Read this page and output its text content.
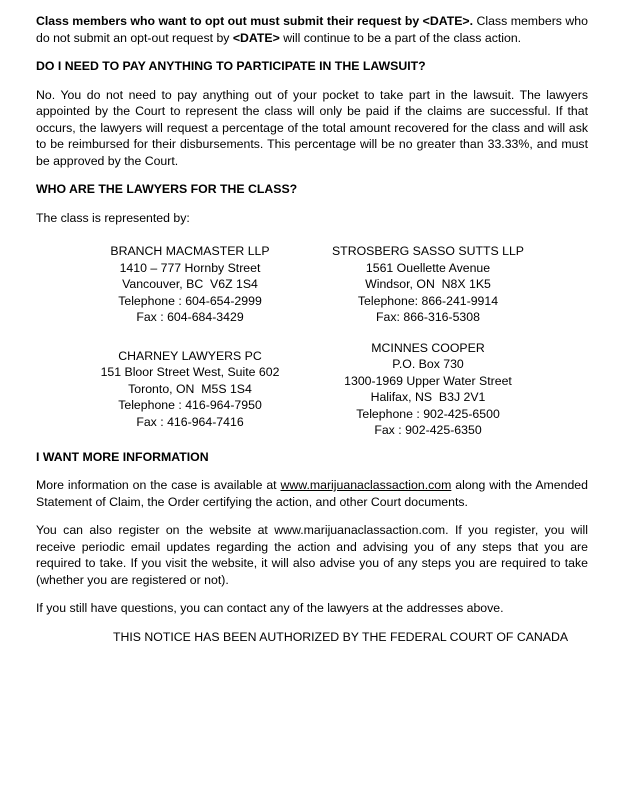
Class members who want to opt out must submit their request by <DATE>. Class members who do not submit an opt-out request by <DATE> will continue to be a part of the class action.

DO I NEED TO PAY ANYTHING TO PARTICIPATE IN THE LAWSUIT?

No. You do not need to pay anything out of your pocket to take part in the lawsuit. The lawyers appointed by the Court to represent the class will only be paid if the claims are successful. If that occurs, the lawyers will request a percentage of the total amount recovered for the class and will ask to be reimbursed for their disbursements. This percentage will be no greater than 33.33%, and must be approved by the Court.

WHO ARE THE LAWYERS FOR THE CLASS?

The class is represented by:

BRANCH MACMASTER LLP
1410 – 777 Hornby Street
Vancouver, BC  V6Z 1S4
Telephone : 604-654-2999
Fax : 604-684-3429
STROSBERG SASSO SUTTS LLP
1561 Ouellette Avenue
Windsor, ON  N8X 1K5
Telephone: 866-241-9914
Fax: 866-316-5308
CHARNEY LAWYERS PC
151 Bloor Street West, Suite 602
Toronto, ON  M5S 1S4
Telephone : 416-964-7950
Fax : 416-964-7416
MCINNES COOPER
P.O. Box 730
1300-1969 Upper Water Street
Halifax, NS  B3J 2V1
Telephone : 902-425-6500
Fax : 902-425-6350

I WANT MORE INFORMATION

More information on the case is available at www.marijuanaclassaction.com along with the Amended Statement of Claim, the Order certifying the action, and other Court documents.

You can also register on the website at www.marijuanaclassaction.com. If you register, you will receive periodic email updates regarding the action and advising you of any steps that you are required to take. If you visit the website, it will also advise you of any steps you are required to take (whether you are registered or not).

If you still have questions, you can contact any of the lawyers at the addresses above.

THIS NOTICE HAS BEEN AUTHORIZED BY THE FEDERAL COURT OF CANADA
